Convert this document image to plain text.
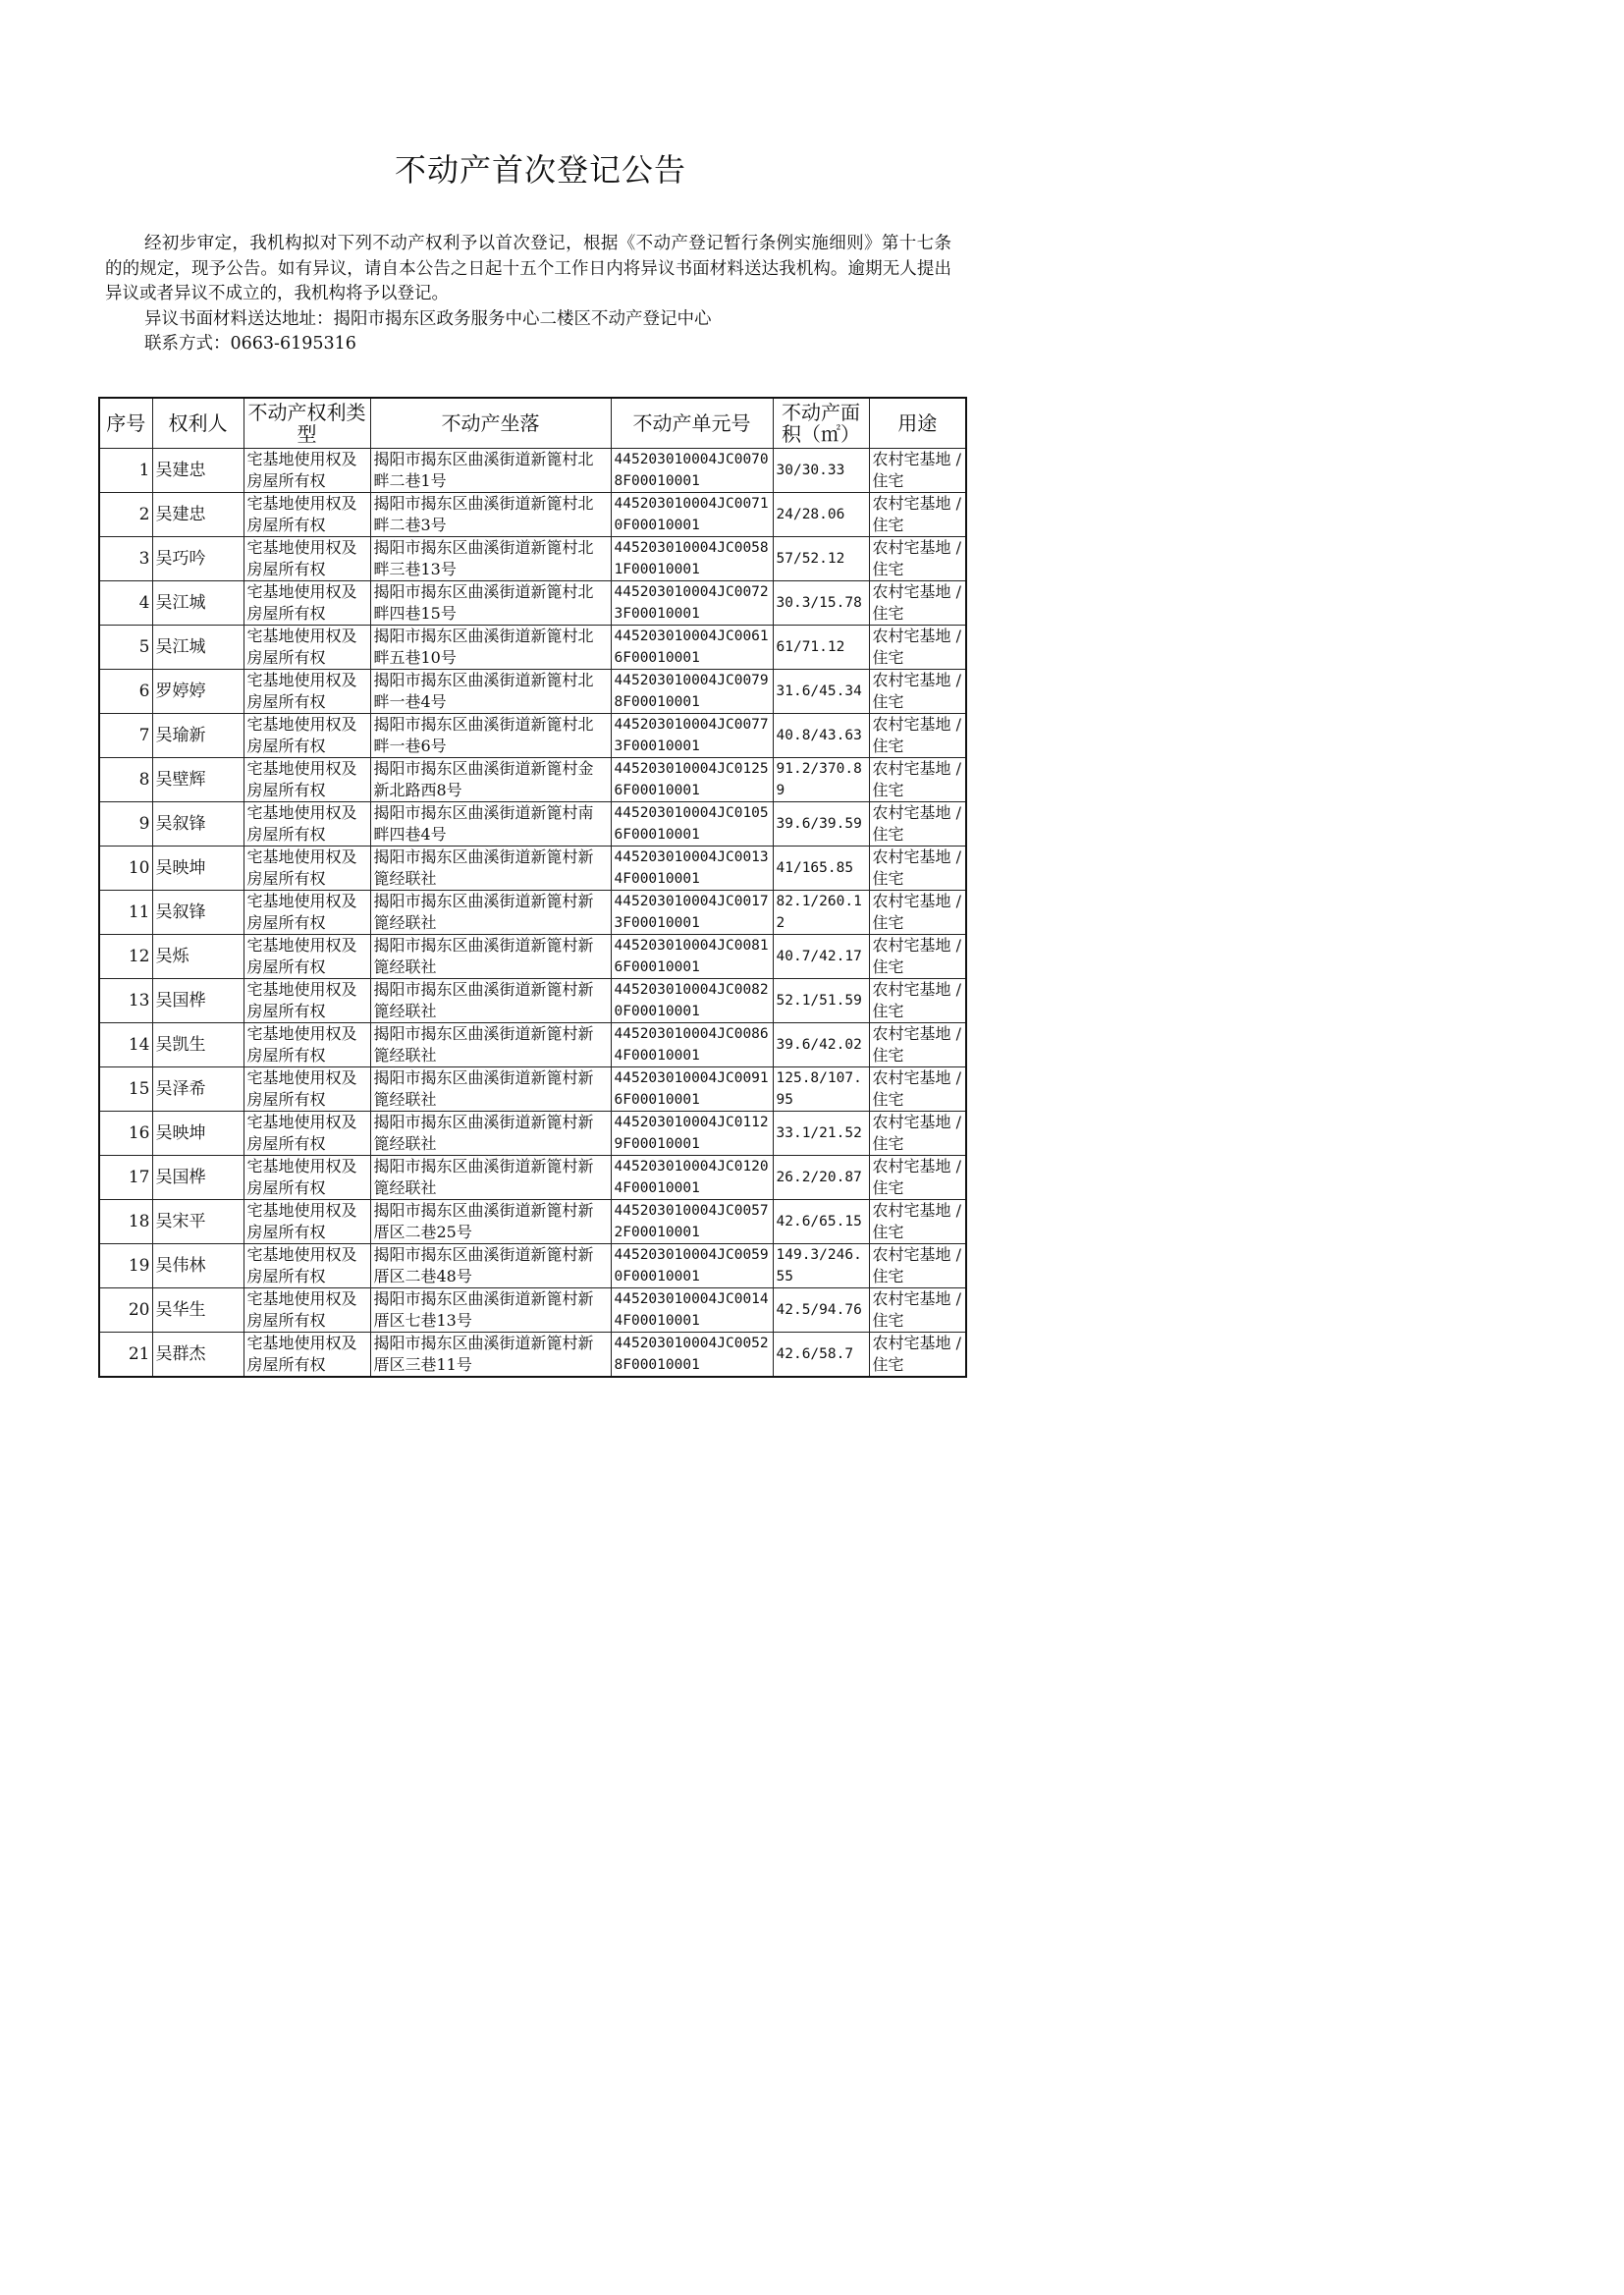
不动产首次登记公告

经初步审定，我机构拟对下列不动产权利予以首次登记，根据《不动产登记暂行条例实施细则》第十七条的的规定，现予公告。如有异议，请自本公告之日起十五个工作日内将异议书面材料送达我机构。逾期无人提出异议或者异议不成立的，我机构将予以登记。

异议书面材料送达地址：揭阳市揭东区政务服务中心二楼区不动产登记中心

联系方式：0663-6195316

序号	权利人	不动产权利类型	不动产坐落	不动产单元号	不动产面积（㎡）	用途
1	吴建忠	宅基地使用权及房屋所有权	揭阳市揭东区曲溪街道新篦村北畔二巷1号	445203010004JC00708F00010001	30/30.33	农村宅基地 / 住宅
2	吴建忠	宅基地使用权及房屋所有权	揭阳市揭东区曲溪街道新篦村北畔二巷3号	445203010004JC00710F00010001	24/28.06	农村宅基地 / 住宅
3	吴巧吟	宅基地使用权及房屋所有权	揭阳市揭东区曲溪街道新篦村北畔三巷13号	445203010004JC00581F00010001	57/52.12	农村宅基地 / 住宅
4	吴江城	宅基地使用权及房屋所有权	揭阳市揭东区曲溪街道新篦村北畔四巷15号	445203010004JC00723F00010001	30.3/15.78	农村宅基地 / 住宅
5	吴江城	宅基地使用权及房屋所有权	揭阳市揭东区曲溪街道新篦村北畔五巷10号	445203010004JC00616F00010001	61/71.12	农村宅基地 / 住宅
6	罗婷婷	宅基地使用权及房屋所有权	揭阳市揭东区曲溪街道新篦村北畔一巷4号	445203010004JC00798F00010001	31.6/45.34	农村宅基地 / 住宅
7	吴瑜新	宅基地使用权及房屋所有权	揭阳市揭东区曲溪街道新篦村北畔一巷6号	445203010004JC00773F00010001	40.8/43.63	农村宅基地 / 住宅
8	吴壁辉	宅基地使用权及房屋所有权	揭阳市揭东区曲溪街道新篦村金新北路西8号	445203010004JC01256F00010001	91.2/370.89	农村宅基地 / 住宅
9	吴叙锋	宅基地使用权及房屋所有权	揭阳市揭东区曲溪街道新篦村南畔四巷4号	445203010004JC01056F00010001	39.6/39.59	农村宅基地 / 住宅
10	吴映坤	宅基地使用权及房屋所有权	揭阳市揭东区曲溪街道新篦村新篦经联社	445203010004JC00134F00010001	41/165.85	农村宅基地 / 住宅
11	吴叙锋	宅基地使用权及房屋所有权	揭阳市揭东区曲溪街道新篦村新篦经联社	445203010004JC00173F00010001	82.1/260.12	农村宅基地 / 住宅
12	吴烁	宅基地使用权及房屋所有权	揭阳市揭东区曲溪街道新篦村新篦经联社	445203010004JC00816F00010001	40.7/42.17	农村宅基地 / 住宅
13	吴国桦	宅基地使用权及房屋所有权	揭阳市揭东区曲溪街道新篦村新篦经联社	445203010004JC00820F00010001	52.1/51.59	农村宅基地 / 住宅
14	吴凯生	宅基地使用权及房屋所有权	揭阳市揭东区曲溪街道新篦村新篦经联社	445203010004JC00864F00010001	39.6/42.02	农村宅基地 / 住宅
15	吴泽希	宅基地使用权及房屋所有权	揭阳市揭东区曲溪街道新篦村新篦经联社	445203010004JC00916F00010001	125.8/107.95	农村宅基地 / 住宅
16	吴映坤	宅基地使用权及房屋所有权	揭阳市揭东区曲溪街道新篦村新篦经联社	445203010004JC01129F00010001	33.1/21.52	农村宅基地 / 住宅
17	吴国桦	宅基地使用权及房屋所有权	揭阳市揭东区曲溪街道新篦村新篦经联社	445203010004JC01204F00010001	26.2/20.87	农村宅基地 / 住宅
18	吴宋平	宅基地使用权及房屋所有权	揭阳市揭东区曲溪街道新篦村新厝区二巷25号	445203010004JC00572F00010001	42.6/65.15	农村宅基地 / 住宅
19	吴伟林	宅基地使用权及房屋所有权	揭阳市揭东区曲溪街道新篦村新厝区二巷48号	445203010004JC00590F00010001	149.3/246.55	农村宅基地 / 住宅
20	吴华生	宅基地使用权及房屋所有权	揭阳市揭东区曲溪街道新篦村新厝区七巷13号	445203010004JC00144F00010001	42.5/94.76	农村宅基地 / 住宅
21	吴群杰	宅基地使用权及房屋所有权	揭阳市揭东区曲溪街道新篦村新厝区三巷11号	445203010004JC00528F00010001	42.6/58.7	农村宅基地 / 住宅
